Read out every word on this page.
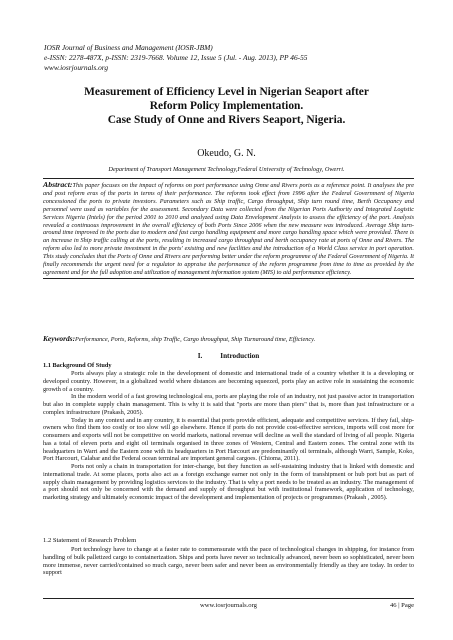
IOSR Journal of Business and Management (IOSR-JBM)
e-ISSN: 2278-487X, p-ISSN: 2319-7668. Volume 12, Issue 5 (Jul. - Aug. 2013), PP 46-55
www.iosrjournals.org
Measurement of Efficiency Level in Nigerian Seaport after
Reform Policy Implementation.
Case Study of Onne and Rivers Seaport, Nigeria.
Okeudo, G. N.
Department of Transport Management Technology,Federal University of Technology, Owerri.
Abstract:This paper focuses on the impact of reforms on port performance using Onne and Rivers ports as a reference point. It analyses the pre and post reform eras of the ports in terms of their performance. The reforms took effect from 1996 after the Federal Government of Nigeria concessioned the ports to private investors. Parameters such as Ship traffic, Cargo throughput, Ship turn round time, Berth Occupancy and personnel were used as variables for the assessment. Secondary Data were collected from the Nigerian Ports Authority and Integrated Logistic Services Nigeria (Intels) for the period 2001 to 2010 and analyzed using Data Envelopment Analysis to assess the efficiency of the port. Analysis revealed a continuous improvement in the overall efficiency of both Ports Since 2006 when the new measure was introduced. Average Ship turn-around time improved in the ports due to modern and fast cargo handling equipment and more cargo handling space which were provided. There is an increase in Ship traffic calling at the ports, resulting in increased cargo throughput and berth occupancy rate at ports of Onne and Rivers. The reform also led to more private investment in the ports' existing and new facilities and the introduction of a World Class service in port operation. This study concludes that the Ports of Onne and Rivers are performing better under the reform programme of the Federal Government of Nigeria. It finally recommends the urgent need for a regulator to appraise the performance of the reform programme from time to time as provided by the agreement and for the full adoption and utilization of management information system (MIS) to aid performance efficiency.
Keywords:Performance, Ports, Reforms, ship Traffic, Cargo throughput, Ship Turnaround time, Efficiency.
I.          Introduction
1.1 Background Of Study

Ports always play a strategic role in the development of domestic and international trade of a country whether it is a developing or developed country. However, in a globalized world where distances are becoming squeezed, ports play an active role in sustaining the economic growth of a country.

In the modern world of a fast growing technological era, ports are playing the role of an industry, not just passive actor in transportation but also in complete supply chain management. This is why it is said that "ports are more than piers" that is, more than just infrastructure or a complex infrastructure (Prakash, 2005).

Today in any context and in any country, it is essential that ports provide efficient, adequate and competitive services. If they fail, ship-owners who find them too costly or too slow will go elsewhere. Hence if ports do not provide cost-effective services, imports will cost more for consumers and exports will not be competitive on world markets, national revenue will decline as well the standard of living of all people. Nigeria has a total of eleven ports and eight oil terminals organised in three zones of Western, Central and Eastern zones. The central zone with its headquarters in Warri and the Eastern zone with its headquarters in Port Harcourt are predominantly oil terminals, although Warri, Sample, Koko, Port Harcourt, Calabar and the Federal ocean terminal are important general cargoes. (Chioma, 2011).

Ports not only a chain in transportation for inter-change, but they function as self-sustaining industry that is linked with domestic and international trade. At some places, ports also act as a foreign exchange earner not only in the form of transhipment or hub port but as part of supply chain management by providing logistics services to the industry. That is why a port needs to be treated as an industry. The management of a port should not only be concerned with the demand and supply of throughput but with institutional framework, application of technology, marketing strategy and ultimately economic impact of the development and implementation of projects or programmes (Prakash , 2005).

1.2 Statement of Research Problem

Port technology have to change at a faster rate to commensurate with the pace of technological changes in shipping, for instance from handling of bulk palletized cargo to containerization. Ships and ports have never so technically advanced, never been so sophisticated, never been more immense, never carried/contained so much cargo, never been safer and never been as environmentally friendly as they are today. In order to support

www.iosrjournals.org	46 | Page
